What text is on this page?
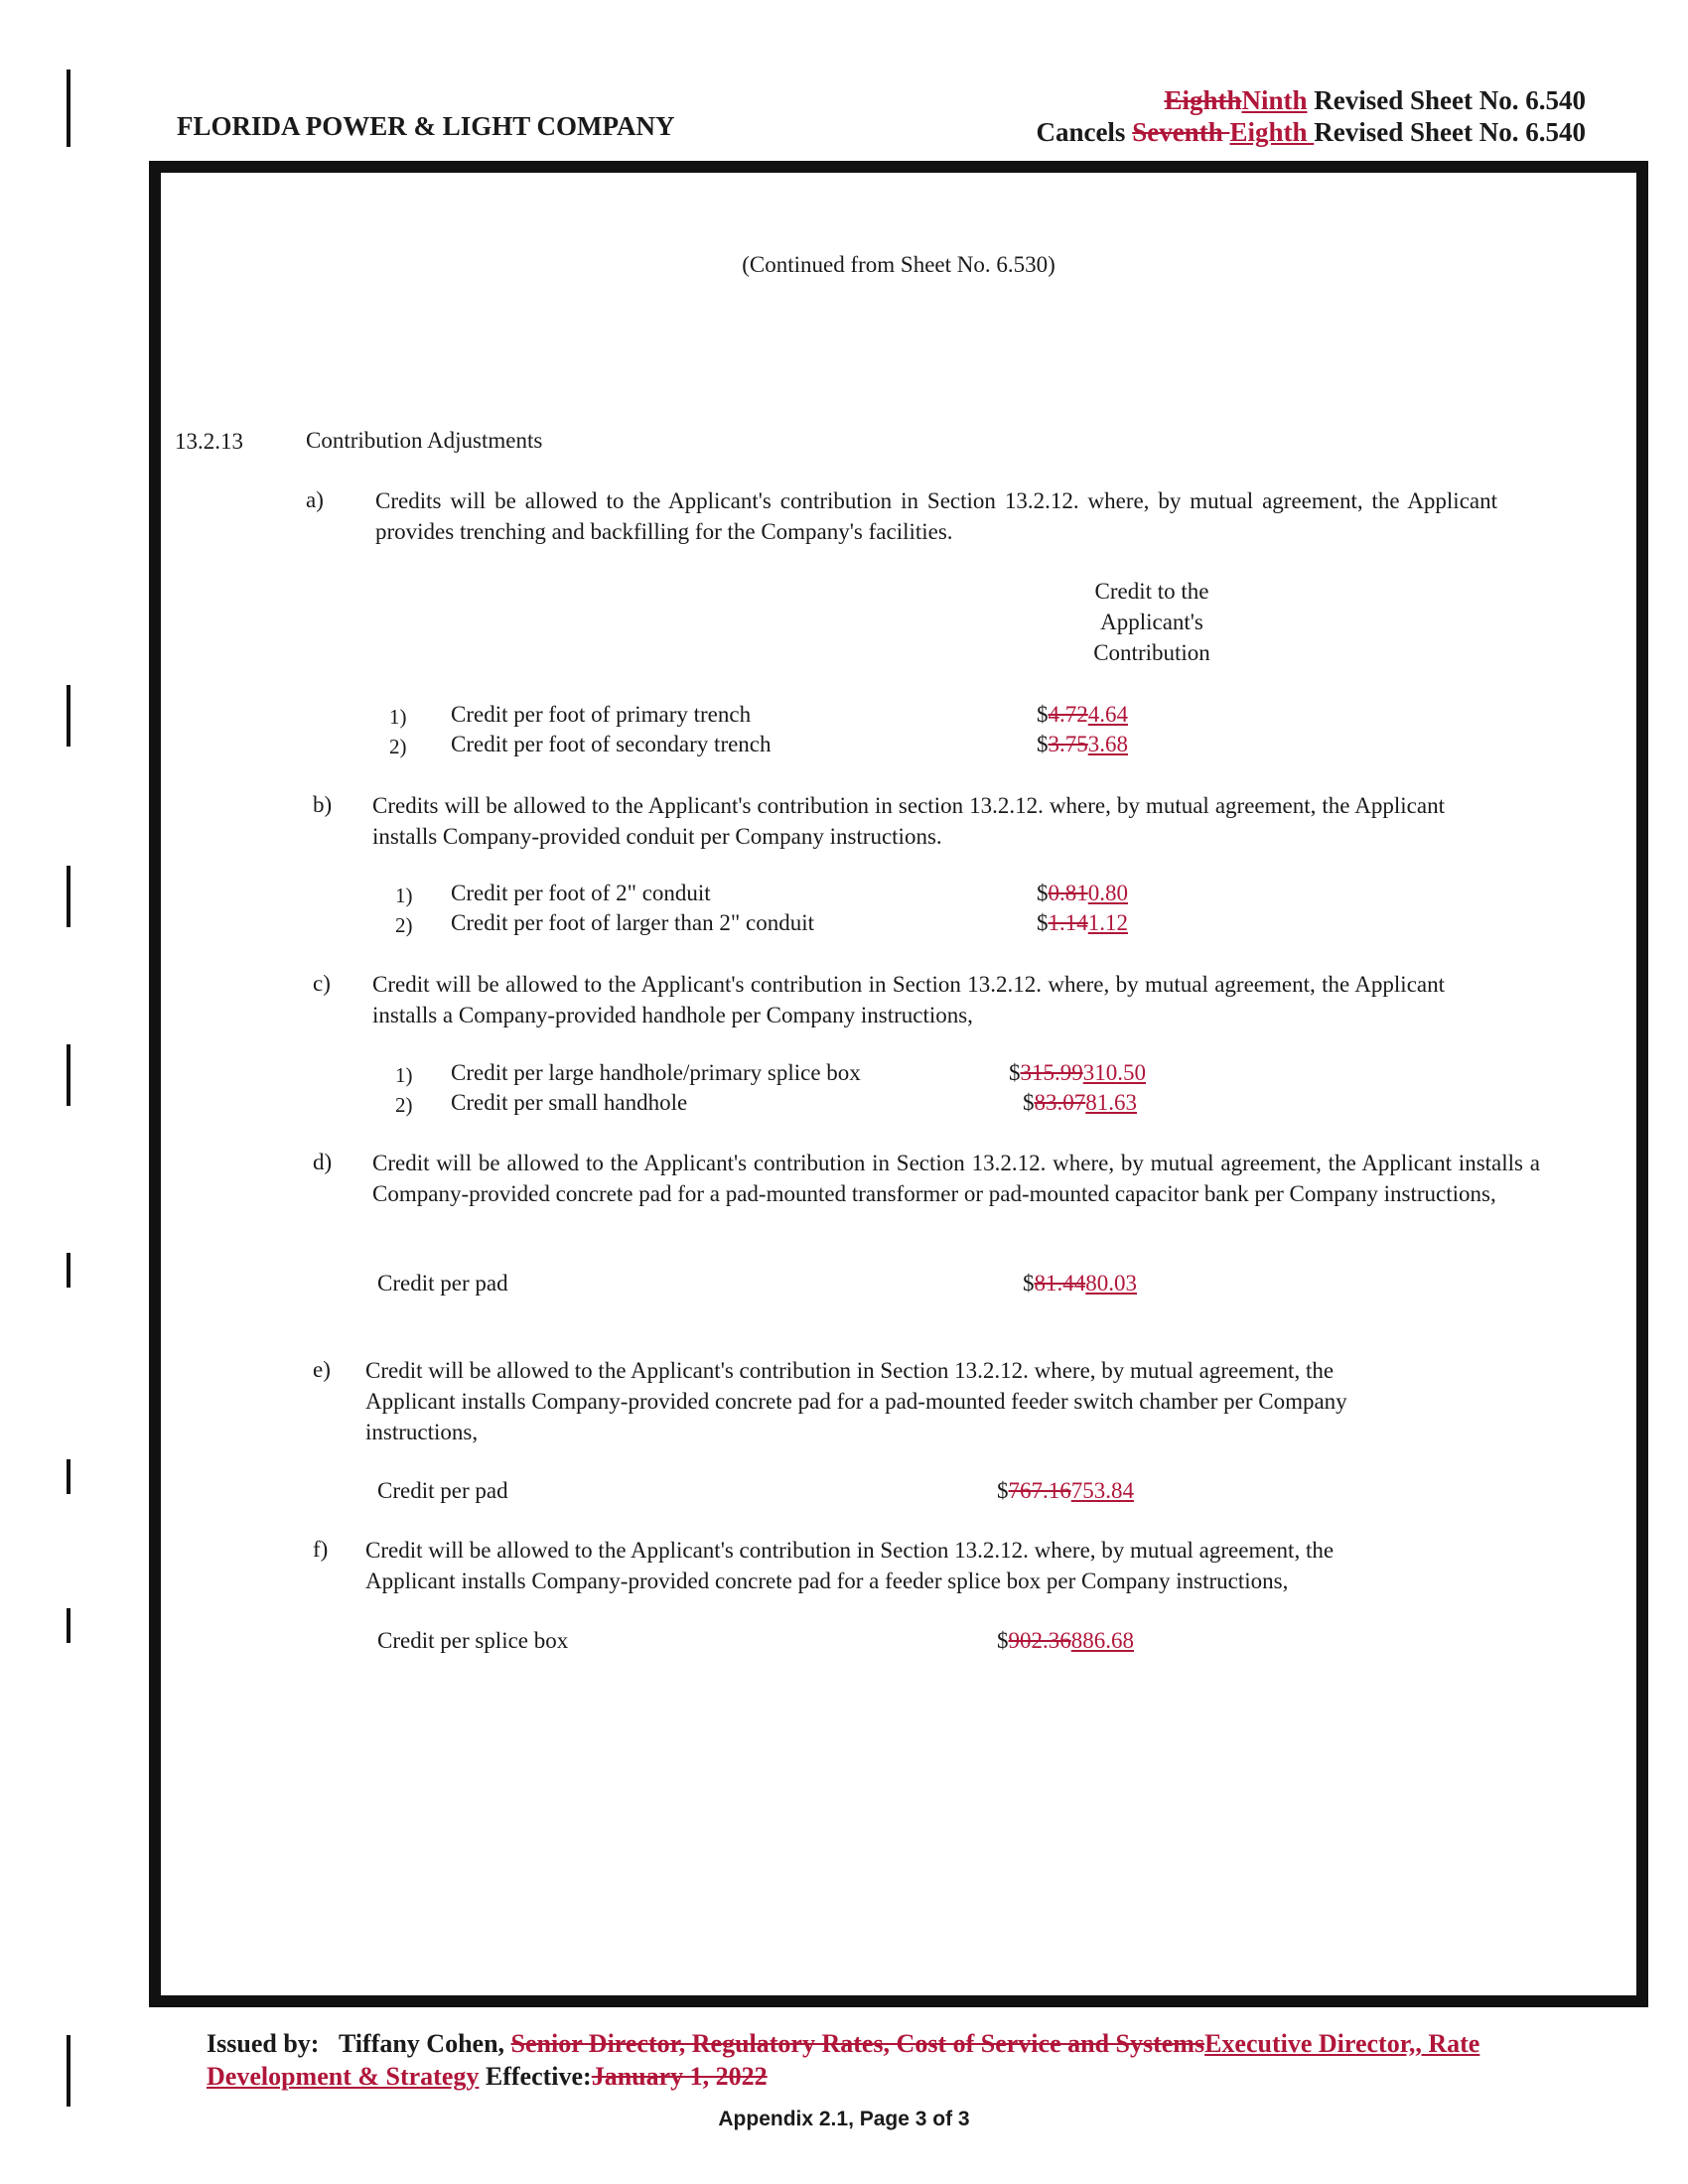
FLORIDA POWER & LIGHT COMPANY
EighthNinth Revised Sheet No. 6.540
Cancels Seventh Eighth Revised Sheet No. 6.540
(Continued from Sheet No. 6.530)
13.2.13	Contribution Adjustments
a) Credits will be allowed to the Applicant's contribution in Section 13.2.12. where, by mutual agreement, the Applicant provides trenching and backfilling for the Company's facilities.
Credit to the
Applicant's
Contribution
1) Credit per foot of primary trench	$4.724.64
2) Credit per foot of secondary trench	$3.753.68
b) Credits will be allowed to the Applicant's contribution in section 13.2.12. where, by mutual agreement, the Applicant installs Company-provided conduit per Company instructions.
1) Credit per foot of 2" conduit	$0.810.80
2) Credit per foot of larger than 2" conduit	$1.141.12
c) Credit will be allowed to the Applicant's contribution in Section 13.2.12. where, by mutual agreement, the Applicant installs a Company-provided handhole per Company instructions,
1) Credit per large handhole/primary splice box	$315.99310.50
2) Credit per small handhole	$83.0781.63
d) Credit will be allowed to the Applicant's contribution in Section 13.2.12. where, by mutual agreement, the Applicant installs a Company-provided concrete pad for a pad-mounted transformer or pad-mounted capacitor bank per Company instructions,
Credit per pad	$81.4480.03
e) Credit will be allowed to the Applicant's contribution in Section 13.2.12. where, by mutual agreement, the Applicant installs Company-provided concrete pad for a pad-mounted feeder switch chamber per Company instructions,
Credit per pad	$767.16753.84
f) Credit will be allowed to the Applicant's contribution in Section 13.2.12. where, by mutual agreement, the Applicant installs Company-provided concrete pad for a feeder splice box per Company instructions,
Credit per splice box	$902.36886.68
Issued by: Tiffany Cohen, Senior Director, Regulatory Rates, Cost of Service and SystemsExecutive Director,, Rate Development & Strategy Effective:January 1, 2022
Appendix 2.1, Page 3 of 3
